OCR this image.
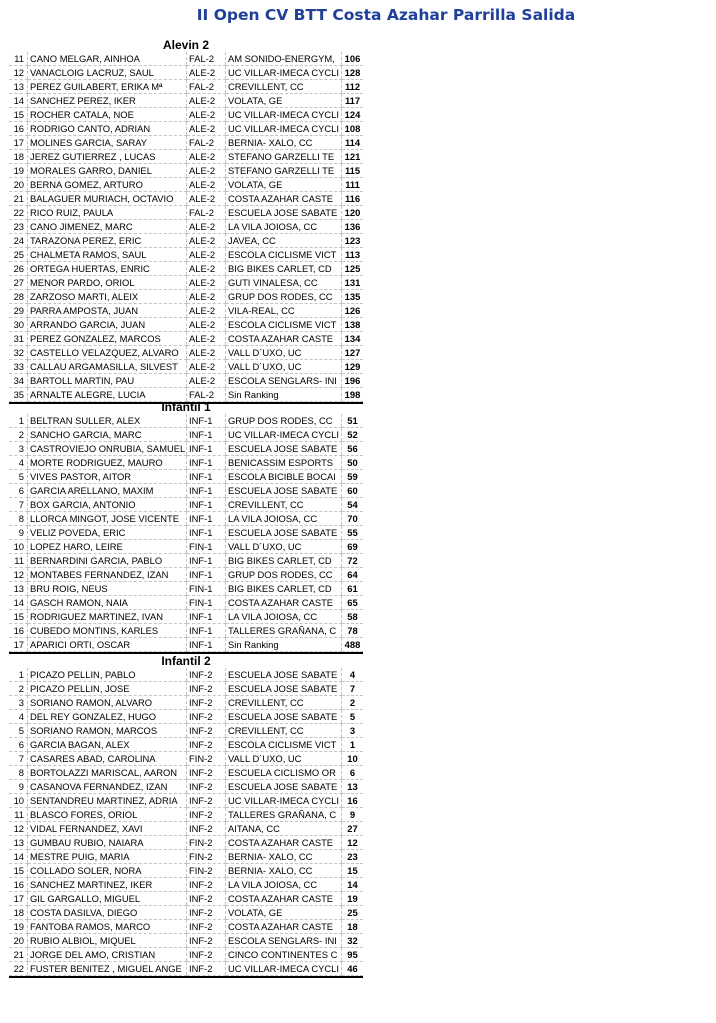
II Open CV BTT Costa Azahar Parrilla Salida
Alevin 2
11	CANO MELGAR, AINHOA	FAL-2	AM SONIDO-ENERGYM,	106
12	VANACLOIG LACRUZ, SAUL	ALE-2	UC VILLAR-IMECA CYCLI	128
13	PEREZ GUILABERT, ERIKA Mª	FAL-2	CREVILLENT, CC	112
14	SANCHEZ PEREZ, IKER	ALE-2	VOLATA, GE	117
15	ROCHER CATALA, NOE	ALE-2	UC VILLAR-IMECA CYCLI	124
16	RODRIGO CANTO, ADRIAN	ALE-2	UC VILLAR-IMECA CYCLI	108
17	MOLINES GARCIA, SARAY	FAL-2	BERNIA- XALO, CC	114
18	JEREZ GUTIERREZ , LUCAS	ALE-2	STEFANO GARZELLI TE	121
19	MORALES GARRO, DANIEL	ALE-2	STEFANO GARZELLI TE	115
20	BERNA GOMEZ, ARTURO	ALE-2	VOLATA, GE	111
21	BALAGUER MURIACH, OCTAVIO	ALE-2	COSTA AZAHAR CASTE	116
22	RICO RUIZ, PAULA	FAL-2	ESCUELA JOSE SABATE	120
23	CANO JIMENEZ, MARC	ALE-2	LA VILA JOIOSA, CC	136
24	TARAZONA PEREZ, ERIC	ALE-2	JAVEA, CC	123
25	CHALMETA RAMOS, SAUL	ALE-2	ESCOLA CICLISME VICT	113
26	ORTEGA HUERTAS, ENRIC	ALE-2	BIG BIKES CARLET, CD	125
27	MENOR PARDO, ORIOL	ALE-2	GUTI VINALESA, CC	131
28	ZARZOSO MARTI, ALEIX	ALE-2	GRUP DOS RODES, CC	135
29	PARRA AMPOSTA, JUAN	ALE-2	VILA-REAL, CC	126
30	ARRANDO GARCIA, JUAN	ALE-2	ESCOLA CICLISME VICT	138
31	PEREZ GONZALEZ, MARCOS	ALE-2	COSTA AZAHAR CASTE	134
32	CASTELLO VELAZQUEZ, ALVARO	ALE-2	VALL D´UXO, UC	127
33	CALLAU ARGAMASILLA, SILVEST	ALE-2	VALL D´UXO, UC	129
34	BARTOLL MARTIN, PAU	ALE-2	ESCOLA SENGLARS- INI	196
35	ARNALTE ALEGRE, LUCIA	FAL-2	Sin Ranking	198
Infantil 1
1	BELTRAN SULLER, ALEX	INF-1	GRUP DOS RODES, CC	51
2	SANCHO GARCIA, MARC	INF-1	UC VILLAR-IMECA CYCLI	52
3	CASTROVIEJO ONRUBIA, SAMUEL	INF-1	ESCUELA JOSE SABATE	56
4	MORTE RODRIGUEZ, MAURO	INF-1	BENICASSIM ESPORTS	50
5	VIVES PASTOR, AITOR	INF-1	ESCOLA BICIBLE BOCAI	59
6	GARCIA ARELLANO, MAXIM	INF-1	ESCUELA JOSE SABATE	60
7	BOX GARCIA, ANTONIO	INF-1	CREVILLENT, CC	54
8	LLORCA MINGOT, JOSE VICENTE	INF-1	LA VILA JOIOSA, CC	70
9	VELIZ POVEDA, ERIC	INF-1	ESCUELA JOSE SABATE	55
10	LOPEZ HARO, LEIRE	FIN-1	VALL D´UXO, UC	69
11	BERNARDINI GARCIA, PABLO	INF-1	BIG BIKES CARLET, CD	72
12	MONTABES FERNANDEZ, IZAN	INF-1	GRUP DOS RODES, CC	64
13	BRU ROIG, NEUS	FIN-1	BIG BIKES CARLET, CD	61
14	GASCH RAMON, NAIA	FIN-1	COSTA AZAHAR CASTE	65
15	RODRIGUEZ MARTINEZ, IVAN	INF-1	LA VILA JOIOSA, CC	58
16	CUBEDO MONTINS, KARLES	INF-1	TALLERES GRAÑANA, C	78
17	APARICI ORTI, OSCAR	INF-1	Sin Ranking	488
Infantil 2
1	PICAZO PELLIN, PABLO	INF-2	ESCUELA JOSE SABATE	4
2	PICAZO PELLIN, JOSE	INF-2	ESCUELA JOSE SABATE	7
3	SORIANO RAMON, ALVARO	INF-2	CREVILLENT, CC	2
4	DEL REY GONZALEZ, HUGO	INF-2	ESCUELA JOSE SABATE	5
5	SORIANO RAMON, MARCOS	INF-2	CREVILLENT, CC	3
6	GARCIA BAGAN, ALEX	INF-2	ESCOLA CICLISME VICT	1
7	CASARES ABAD, CAROLINA	FIN-2	VALL D´UXO, UC	10
8	BORTOLAZZI MARISCAL, AARON	INF-2	ESCUELA CICLISMO OR	6
9	CASANOVA FERNANDEZ, IZAN	INF-2	ESCUELA JOSE SABATE	13
10	SENTANDREU MARTINEZ, ADRIA	INF-2	UC VILLAR-IMECA CYCLI	16
11	BLASCO FORES, ORIOL	INF-2	TALLERES GRAÑANA, C	9
12	VIDAL FERNANDEZ, XAVI	INF-2	AITANA, CC	27
13	GUMBAU RUBIO, NAIARA	FIN-2	COSTA AZAHAR CASTE	12
14	MESTRE PUIG, MARIA	FIN-2	BERNIA- XALO, CC	23
15	COLLADO SOLER, NORA	FIN-2	BERNIA- XALO, CC	15
16	SANCHEZ MARTINEZ, IKER	INF-2	LA VILA JOIOSA, CC	14
17	GIL GARGALLO, MIGUEL	INF-2	COSTA AZAHAR CASTE	19
18	COSTA DASILVA, DIEGO	INF-2	VOLATA, GE	25
19	FANTOBA RAMOS, MARCO	INF-2	COSTA AZAHAR CASTE	18
20	RUBIO ALBIOL, MIQUEL	INF-2	ESCOLA SENGLARS- INI	32
21	JORGE DEL AMO, CRISTIAN	INF-2	CINCO CONTINENTES C	95
22	FUSTER BENITEZ , MIGUEL ANGE	INF-2	UC VILLAR-IMECA CYCLI	46
